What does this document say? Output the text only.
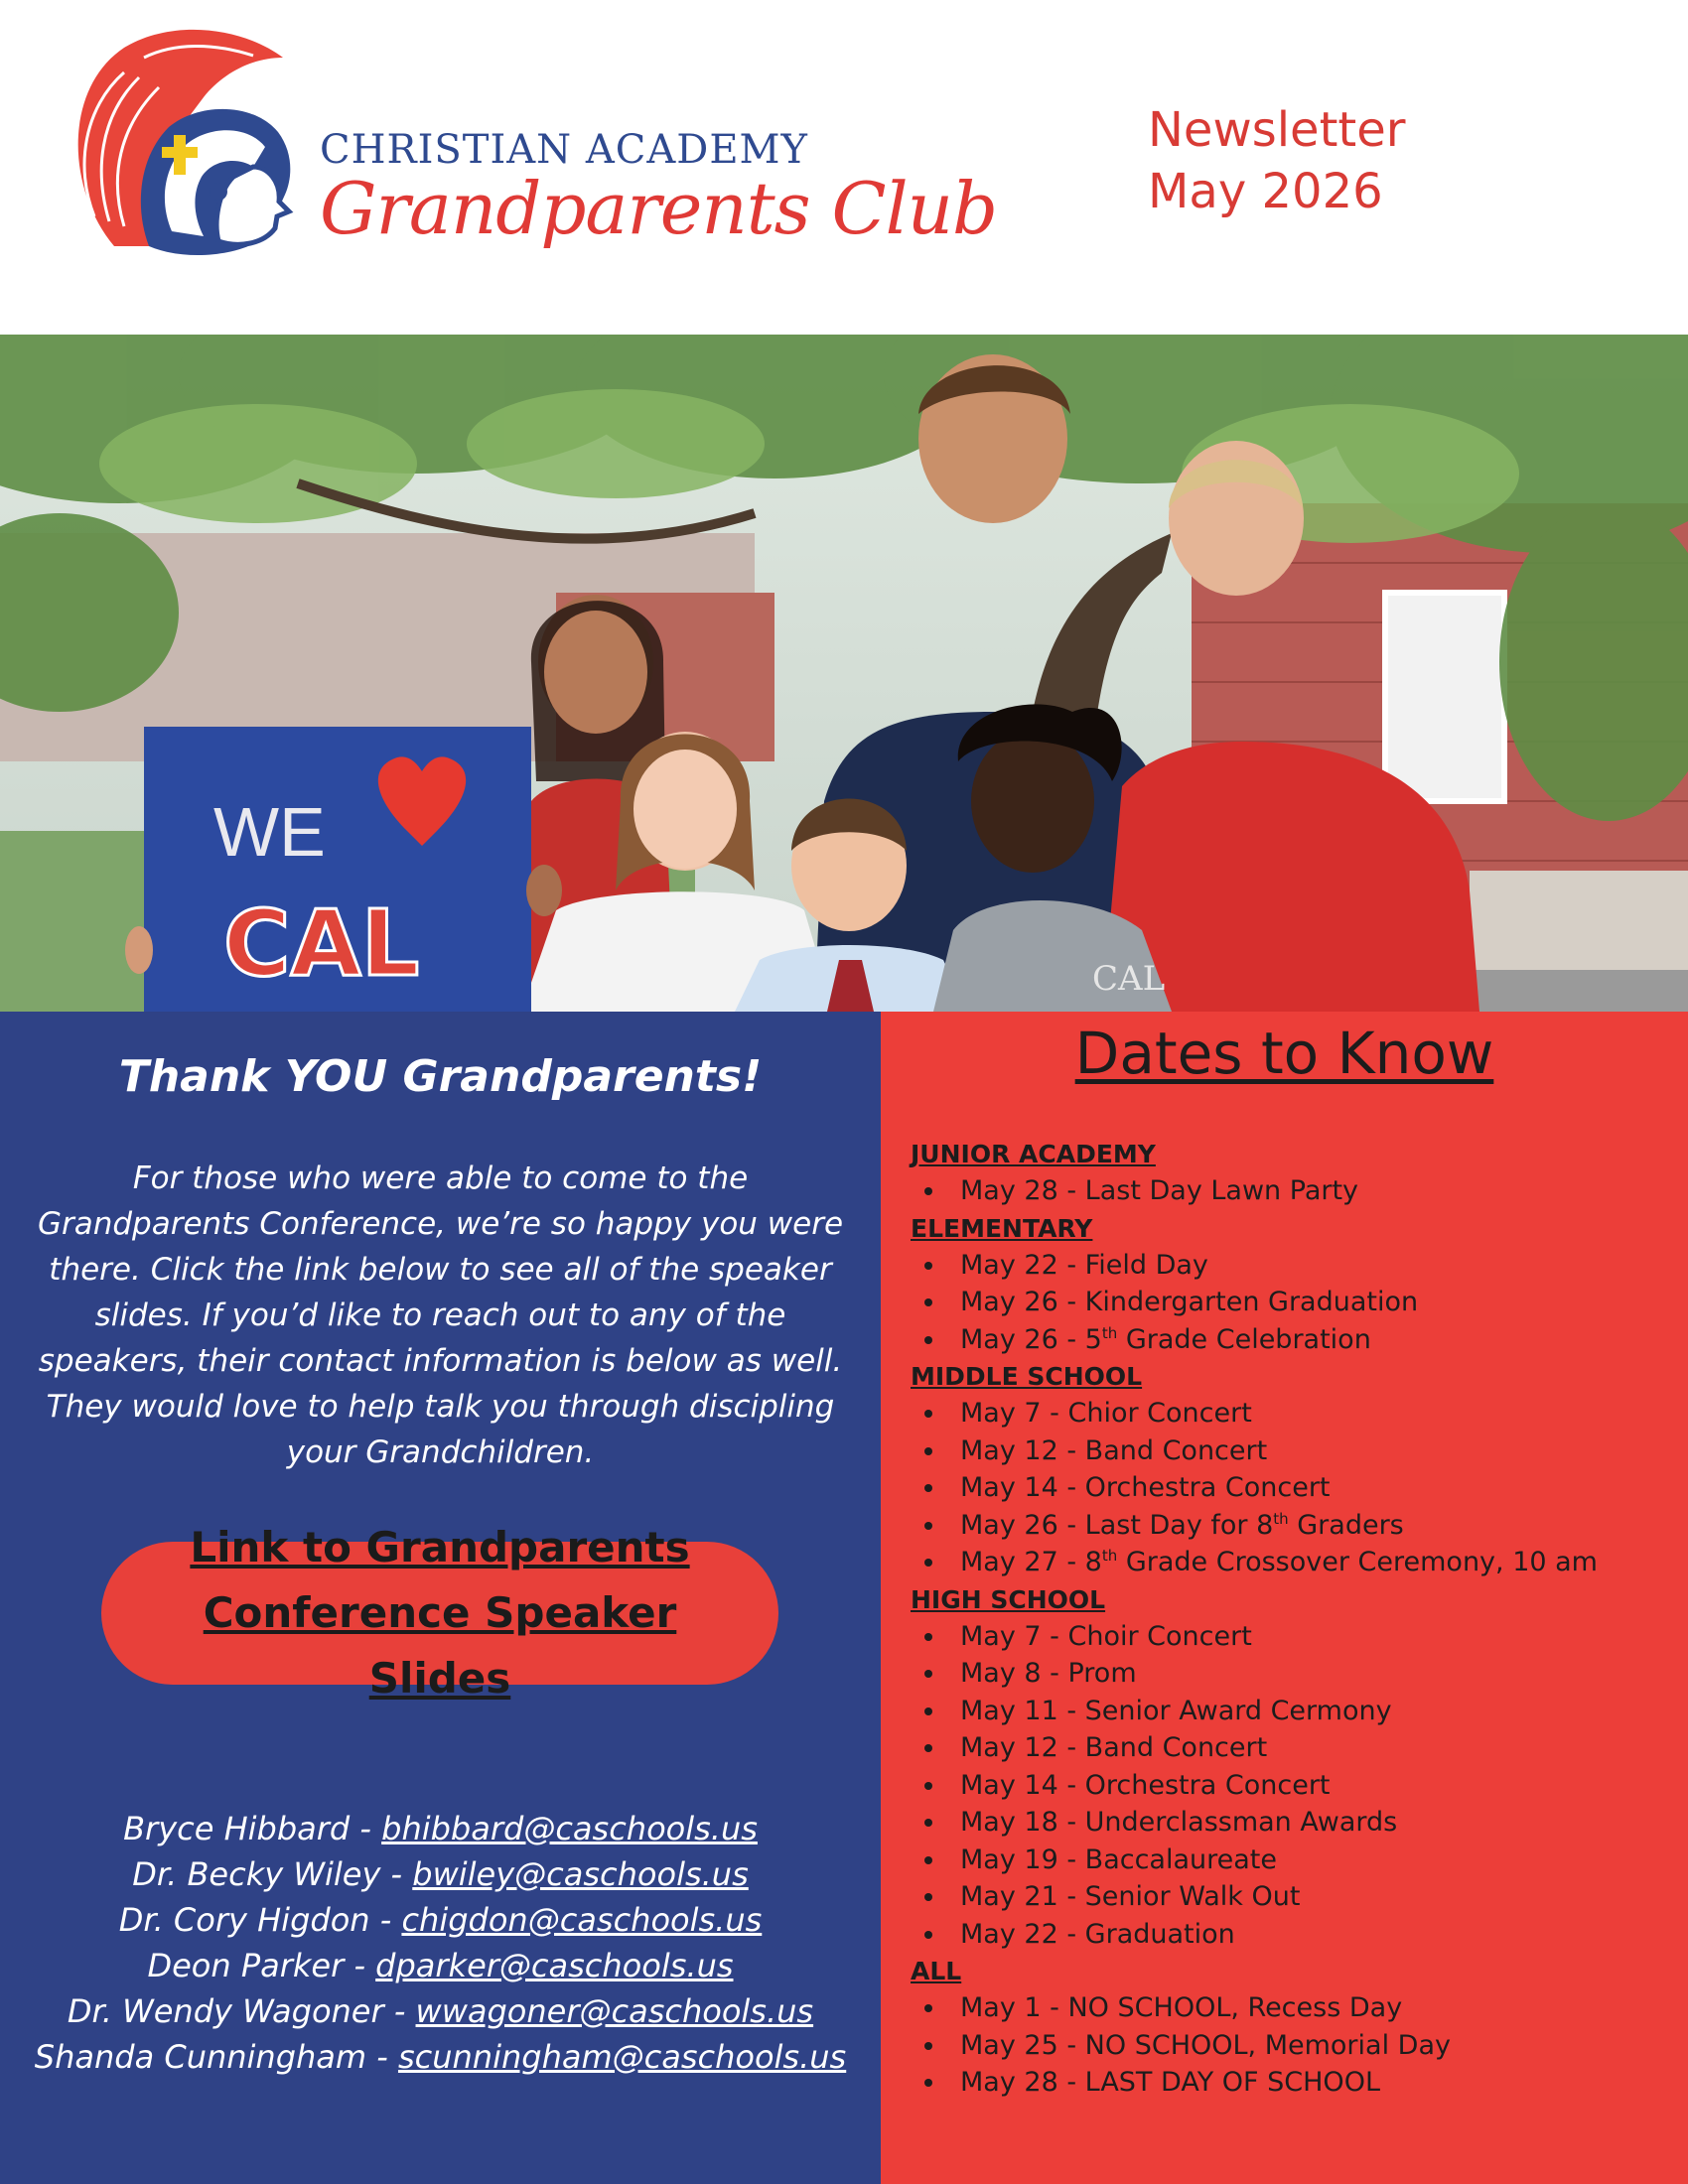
CHRISTIAN ACADEMY
Grandparents Club
Newsletter
May 2026
CAL
WE
CAL
Thank YOU Grandparents!

For those who were able to come to the Grandparents Conference, we’re so happy you were there. Click the link below to see all of the speaker slides. If you’d like to reach out to any of the speakers, their contact information is below as well. They would love to help talk you through discipling your Grandchildren.

Link to Grandparents Conference Speaker Slides
Bryce Hibbard - bhibbard@caschools.us
Dr. Becky Wiley - bwiley@caschools.us
Dr. Cory Higdon - chigdon@caschools.us
Deon Parker - dparker@caschools.us
Dr. Wendy Wagoner - wwagoner@caschools.us
Shanda Cunningham - scunningham@caschools.us
Dates to Know
JUNIOR ACADEMY
May 28 - Last Day Lawn Party
ELEMENTARY
May 22 - Field Day
May 26 - Kindergarten Graduation
May 26 - 5th Grade Celebration
MIDDLE SCHOOL
May 7 - Chior Concert
May 12 - Band Concert
May 14 - Orchestra Concert
May 26 - Last Day for 8th Graders
May 27 - 8th Grade Crossover Ceremony, 10 am
HIGH SCHOOL
May 7 - Choir Concert
May 8 - Prom
May 11 - Senior Award Cermony
May 12 - Band Concert
May 14 - Orchestra Concert
May 18 - Underclassman Awards
May 19 - Baccalaureate
May 21 - Senior Walk Out
May 22 - Graduation
ALL
May 1 - NO SCHOOL, Recess Day
May 25 - NO SCHOOL, Memorial Day
May 28 - LAST DAY OF SCHOOL
